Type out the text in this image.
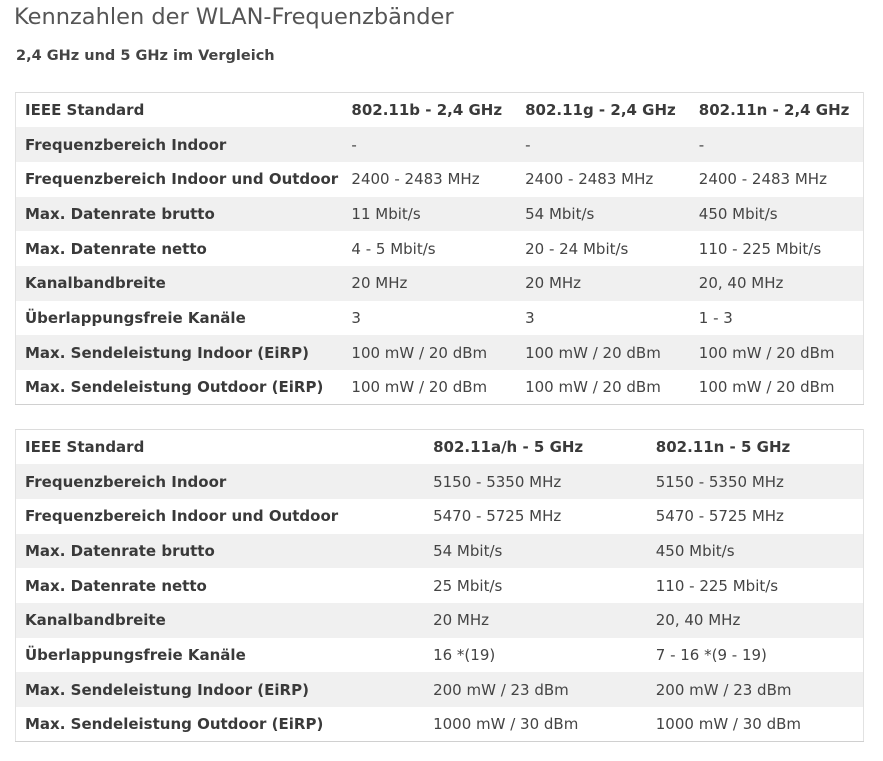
Kennzahlen der WLAN-Frequenzbänder
2,4 GHz und 5 GHz im Vergleich
IEEE Standard	802.11b - 2,4 GHz	802.11g - 2,4 GHz	802.11n - 2,4 GHz
Frequenzbereich Indoor	-	-	-
Frequenzbereich Indoor und Outdoor	2400 - 2483 MHz	2400 - 2483 MHz	2400 - 2483 MHz
Max. Datenrate brutto	11 Mbit/s	54 Mbit/s	450 Mbit/s
Max. Datenrate netto	4 - 5 Mbit/s	20 - 24 Mbit/s	110 - 225 Mbit/s
Kanalbandbreite	20 MHz	20 MHz	20, 40 MHz
Überlappungsfreie Kanäle	3	3	1 - 3
Max. Sendeleistung Indoor (EiRP)	100 mW / 20 dBm	100 mW / 20 dBm	100 mW / 20 dBm
Max. Sendeleistung Outdoor (EiRP)	100 mW / 20 dBm	100 mW / 20 dBm	100 mW / 20 dBm
IEEE Standard	802.11a/h - 5 GHz	802.11n - 5 GHz
Frequenzbereich Indoor	5150 - 5350 MHz	5150 - 5350 MHz
Frequenzbereich Indoor und Outdoor	5470 - 5725 MHz	5470 - 5725 MHz
Max. Datenrate brutto	54 Mbit/s	450 Mbit/s
Max. Datenrate netto	25 Mbit/s	110 - 225 Mbit/s
Kanalbandbreite	20 MHz	20, 40 MHz
Überlappungsfreie Kanäle	16 *(19)	7 - 16 *(9 - 19)
Max. Sendeleistung Indoor (EiRP)	200 mW / 23 dBm	200 mW / 23 dBm
Max. Sendeleistung Outdoor (EiRP)	1000 mW / 30 dBm	1000 mW / 30 dBm
